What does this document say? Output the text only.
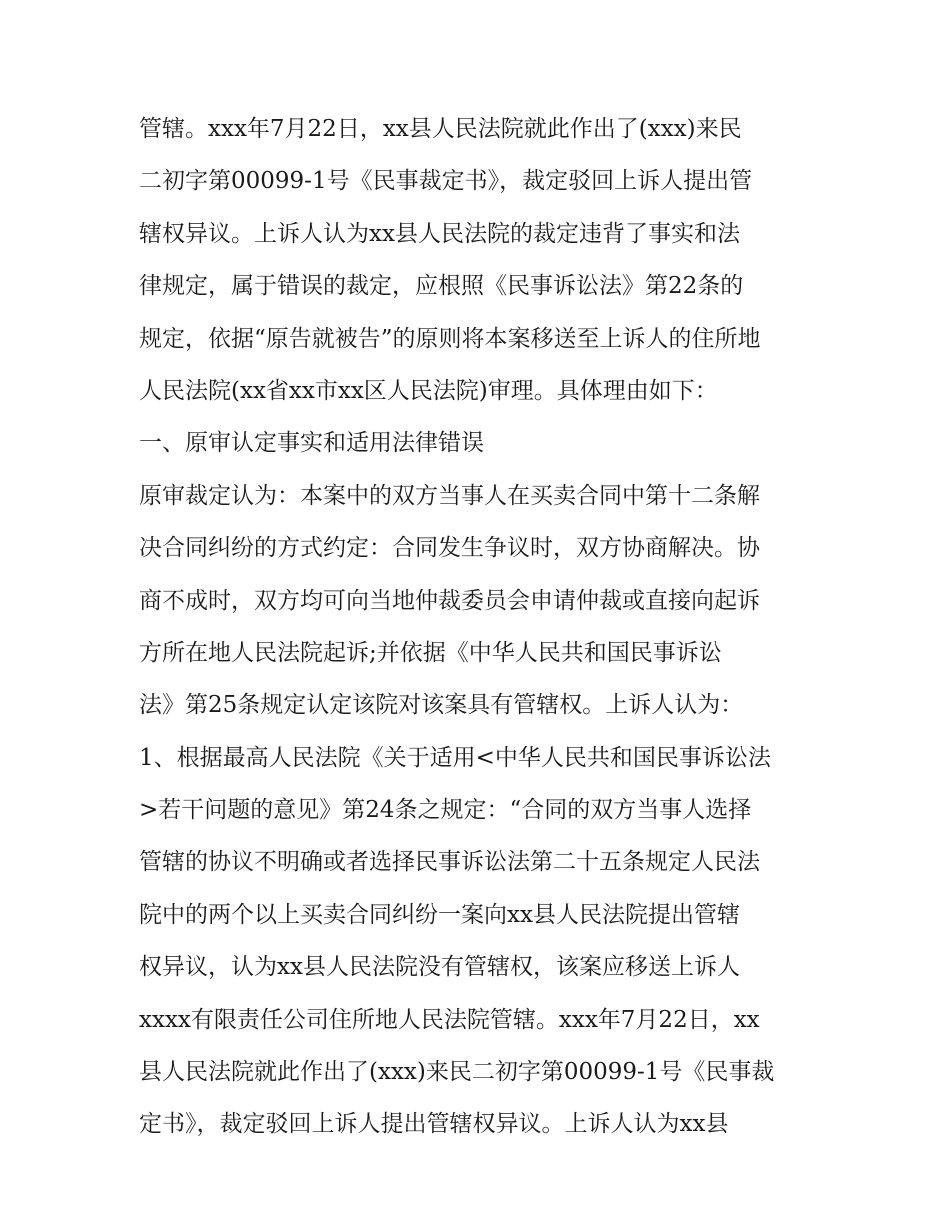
管辖。xxx年7月22日，xx县人民法院就此作出了(xxx)来民
二初字第00099-1号《民事裁定书》，裁定驳回上诉人提出管
辖权异议。上诉人认为xx县人民法院的裁定违背了事实和法
律规定，属于错误的裁定，应根照《民事诉讼法》第22条的
规定，依据“原告就被告”的原则将本案移送至上诉人的住所地
人民法院(xx省xx市xx区人民法院)审理。具体理由如下：
一、原审认定事实和适用法律错误
原审裁定认为：本案中的双方当事人在买卖合同中第十二条解
决合同纠纷的方式约定：合同发生争议时，双方协商解决。协
商不成时，双方均可向当地仲裁委员会申请仲裁或直接向起诉
方所在地人民法院起诉;并依据《中华人民共和国民事诉讼
法》第25条规定认定该院对该案具有管辖权。上诉人认为：
1、根据最高人民法院《关于适用<中华人民共和国民事诉讼法
>若干问题的意见》第24条之规定：“合同的双方当事人选择
管辖的协议不明确或者选择民事诉讼法第二十五条规定人民法
院中的两个以上买卖合同纠纷一案向xx县人民法院提出管辖
权异议，认为xx县人民法院没有管辖权，该案应移送上诉人
xxxx有限责任公司住所地人民法院管辖。xxx年7月22日，xx
县人民法院就此作出了(xxx)来民二初字第00099-1号《民事裁
定书》，裁定驳回上诉人提出管辖权异议。上诉人认为xx县
